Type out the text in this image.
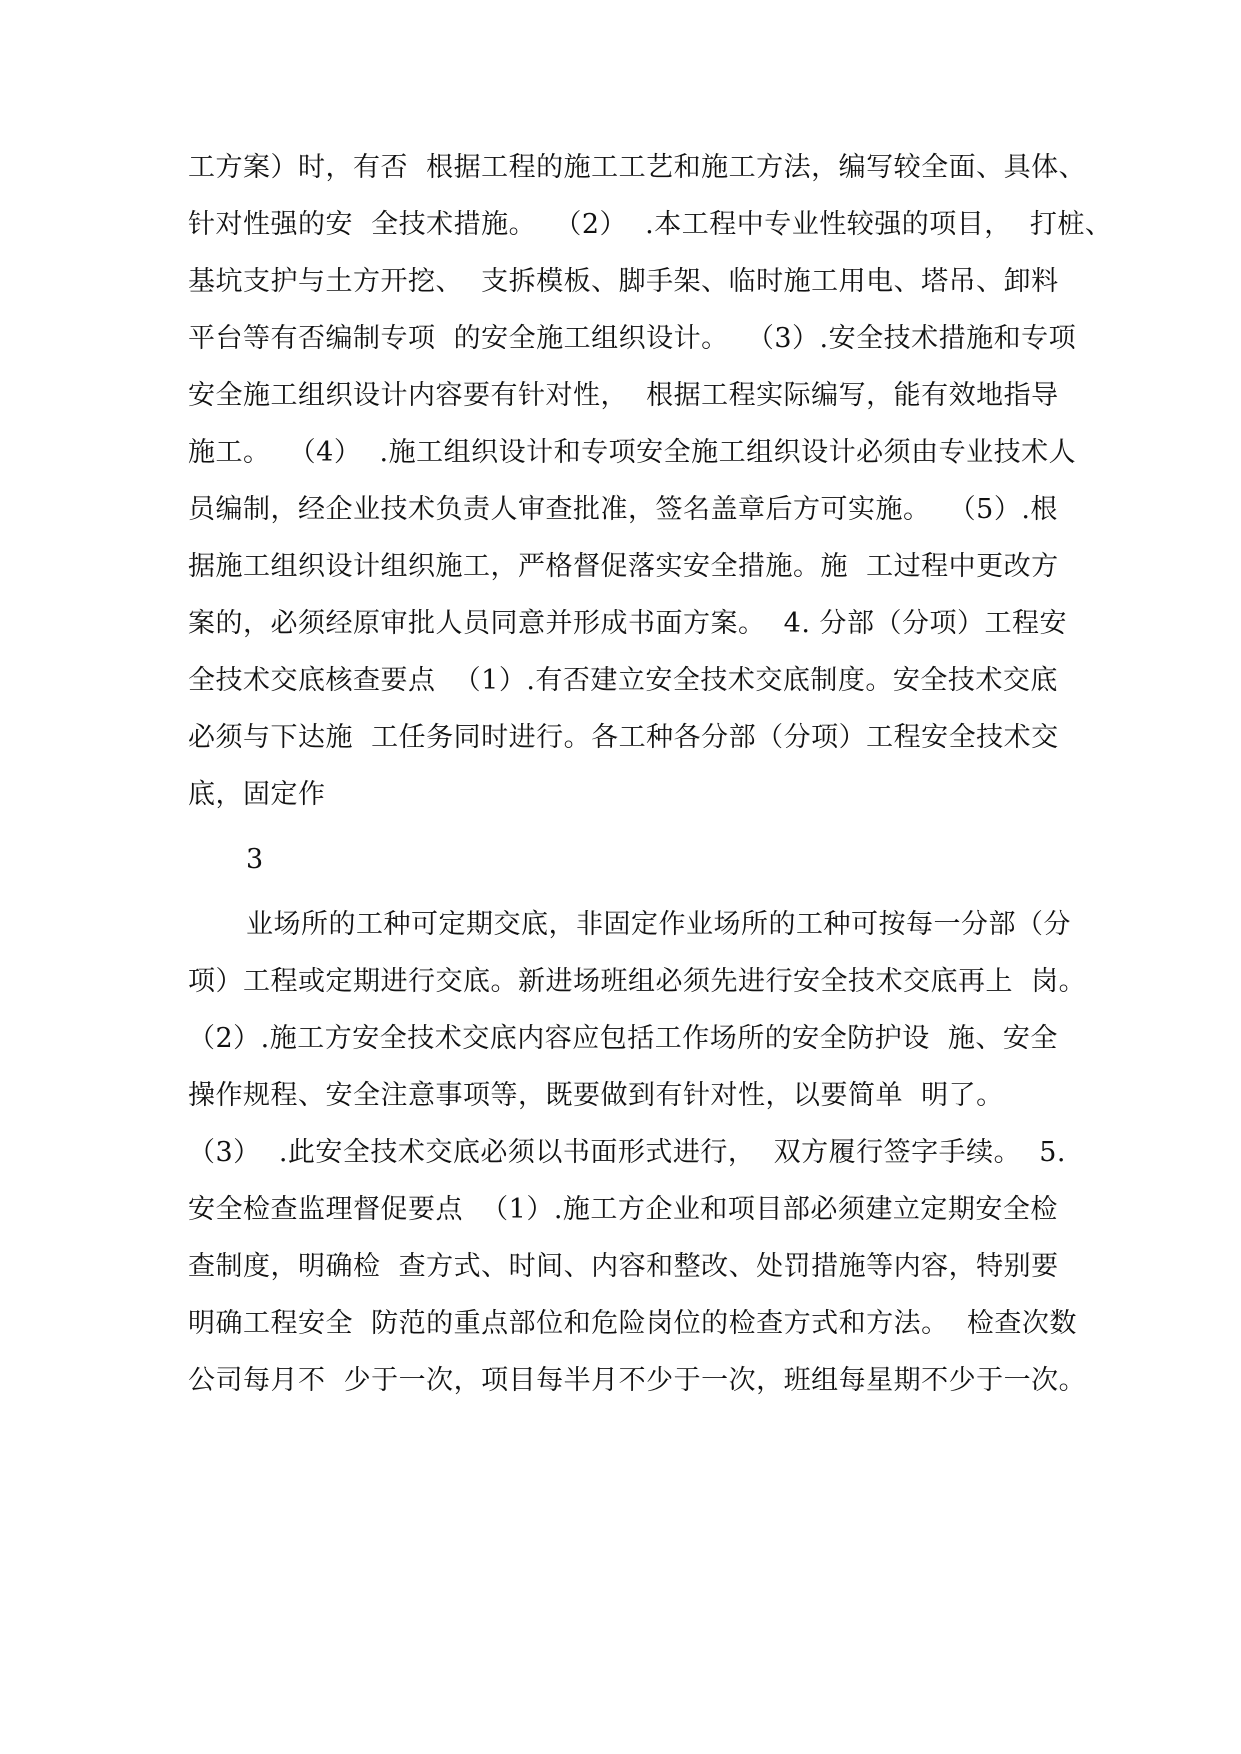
工方案）时，有否  根据工程的施工工艺和施工方法，编写较全面、具体、
针对性强的安  全技术措施。  （2）  .本工程中专业性较强的项目，  打桩、
基坑支护与土方开挖、  支拆模板、脚手架、临时施工用电、塔吊、卸料
平台等有否编制专项  的安全施工组织设计。  （3）.安全技术措施和专项
安全施工组织设计内容要有针对性，  根据工程实际编写，能有效地指导
施工。  （4）  .施工组织设计和专项安全施工组织设计必须由专业技术人
员编制，经企业技术负责人审查批准，签名盖章后方可实施。  （5）.根
据施工组织设计组织施工，严格督促落实安全措施。施  工过程中更改方
案的，必须经原审批人员同意并形成书面方案。  4. 分部（分项）工程安
全技术交底核查要点  （1）.有否建立安全技术交底制度。安全技术交底
必须与下达施  工任务同时进行。各工种各分部（分项）工程安全技术交
底，固定作
3
业场所的工种可定期交底，非固定作业场所的工种可按每一分部（分
项）工程或定期进行交底。新进场班组必须先进行安全技术交底再上  岗。
（2）.施工方安全技术交底内容应包括工作场所的安全防护设  施、安全
操作规程、安全注意事项等，既要做到有针对性，以要简单  明了。
（3）  .此安全技术交底必须以书面形式进行，  双方履行签字手续。  5.
安全检查监理督促要点  （1）.施工方企业和项目部必须建立定期安全检
查制度，明确检  查方式、时间、内容和整改、处罚措施等内容，特别要
明确工程安全  防范的重点部位和危险岗位的检查方式和方法。  检查次数
公司每月不  少于一次，项目每半月不少于一次，班组每星期不少于一次。
